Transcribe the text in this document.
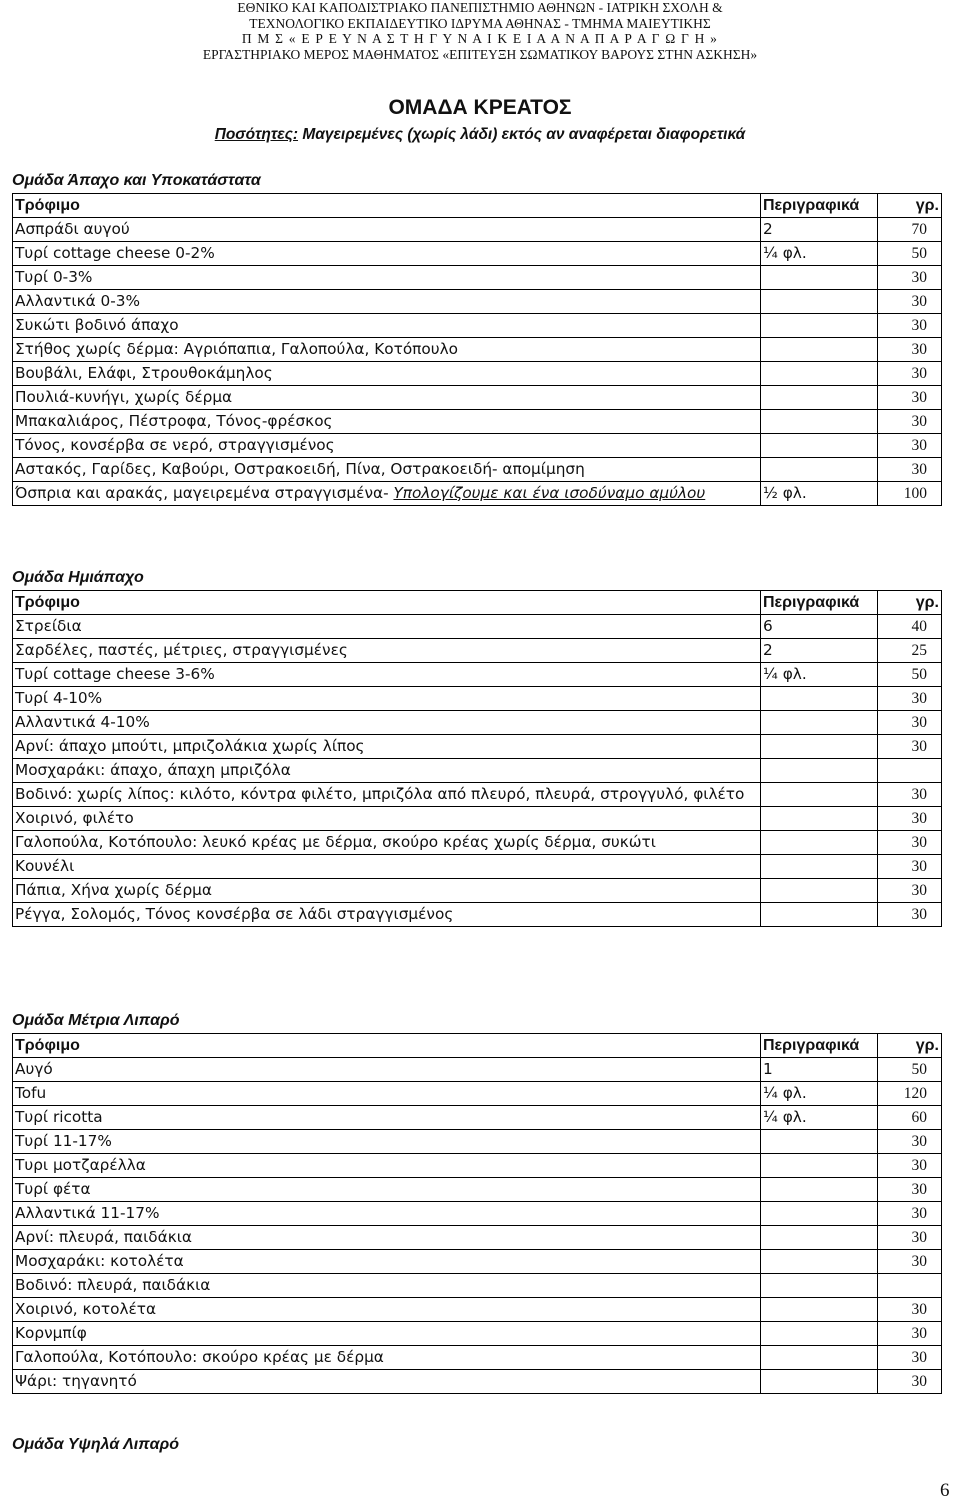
ΕΘΝΙΚΟ ΚΑΙ ΚΑΠΟΔΙΣΤΡΙΑΚΟ ΠΑΝΕΠΙΣΤΗΜΙΟ ΑΘΗΝΩΝ - ΙΑΤΡΙΚΗ ΣΧΟΛΗ &
ΤΕΧΝΟΛΟΓΙΚΟ ΕΚΠΑΙΔΕΥΤΙΚΟ ΙΔΡΥΜΑ ΑΘΗΝΑΣ - ΤΜΗΜΑ ΜΑΙΕΥΤΙΚΗΣ
Π Μ Σ « Ε Ρ Ε Υ Ν Α Σ Τ Η Γ Υ Ν Α Ι Κ Ε Ι Α Α Ν Α Π Α Ρ Α Γ Ω Γ Η »
ΕΡΓΑΣΤΗΡΙΑΚΟ ΜΕΡΟΣ ΜΑΘΗΜΑΤΟΣ «ΕΠΙΤΕΥΞΗ ΣΩΜΑΤΙΚΟΥ ΒΑΡΟΥΣ ΣΤΗΝ ΑΣΚΗΣΗ»
ΟΜΑΔΑ ΚΡΕΑΤΟΣ
Ποσότητες: Μαγειρεμένες (χωρίς λάδι) εκτός αν αναφέρεται διαφορετικά
Ομάδα Άπαχο και Υποκατάστατα
Τρόφιμο	Περιγραφικά	γρ.
Ασπράδι αυγού	2	70
Τυρί cottage cheese 0-2%	¼ φλ.	50
Τυρί 0-3%		30
Αλλαντικά 0-3%		30
Συκώτι βοδινό άπαχο		30
Στήθος χωρίς δέρμα: Αγριόπαπια, Γαλοπούλα, Κοτόπουλο		30
Βουβάλι, Ελάφι, Στρουθοκάμηλος		30
Πουλιά-κυνήγι, χωρίς δέρμα		30
Μπακαλιάρος, Πέστροφα, Τόνος-φρέσκος		30
Τόνος, κονσέρβα σε νερό, στραγγισμένος		30
Αστακός, Γαρίδες, Καβούρι, Οστρακοειδή, Πίνα, Οστρακοειδή- απομίμηση		30
Όσπρια και αρακάς, μαγειρεμένα στραγγισμένα- Υπολογίζουμε και ένα ισοδύναμο αμύλου	½ φλ.	100
Ομάδα Ημιάπαχο
Τρόφιμο	Περιγραφικά	γρ.
Στρείδια	6	40
Σαρδέλες, παστές, μέτριες, στραγγισμένες	2	25
Τυρί cottage cheese 3-6%	¼ φλ.	50
Τυρί 4-10%		30
Αλλαντικά 4-10%		30
Αρνί: άπαχο μπούτι, μπριζολάκια χωρίς λίπος		30
Μοσχαράκι: άπαχο, άπαχη μπριζόλα		
Βοδινό: χωρίς λίπος: κιλότο, κόντρα φιλέτο, μπριζόλα από πλευρό, πλευρά, στρογγυλό, φιλέτο		30
Χοιρινό, φιλέτο		30
Γαλοπούλα, Κοτόπουλο: λευκό κρέας με δέρμα, σκούρο κρέας χωρίς δέρμα, συκώτι		30
Κουνέλι		30
Πάπια, Χήνα χωρίς δέρμα		30
Ρέγγα, Σολομός, Τόνος κονσέρβα σε λάδι στραγγισμένος		30
Ομάδα Μέτρια Λιπαρό
Τρόφιμο	Περιγραφικά	γρ.
Αυγό	1	50
Tofu	¼ φλ.	120
Τυρί ricotta	¼ φλ.	60
Τυρί 11-17%		30
Τυρι μοτζαρέλλα		30
Τυρί φέτα		30
Αλλαντικά 11-17%		30
Αρνί: πλευρά, παιδάκια		30
Μοσχαράκι: κοτολέτα		30
Βοδινό: πλευρά, παιδάκια		
Χοιρινό, κοτολέτα		30
Κορνμπίφ		30
Γαλοπούλα, Κοτόπουλο: σκούρο κρέας με δέρμα		30
Ψάρι: τηγανητό		30
Ομάδα Υψηλά Λιπαρό
6
